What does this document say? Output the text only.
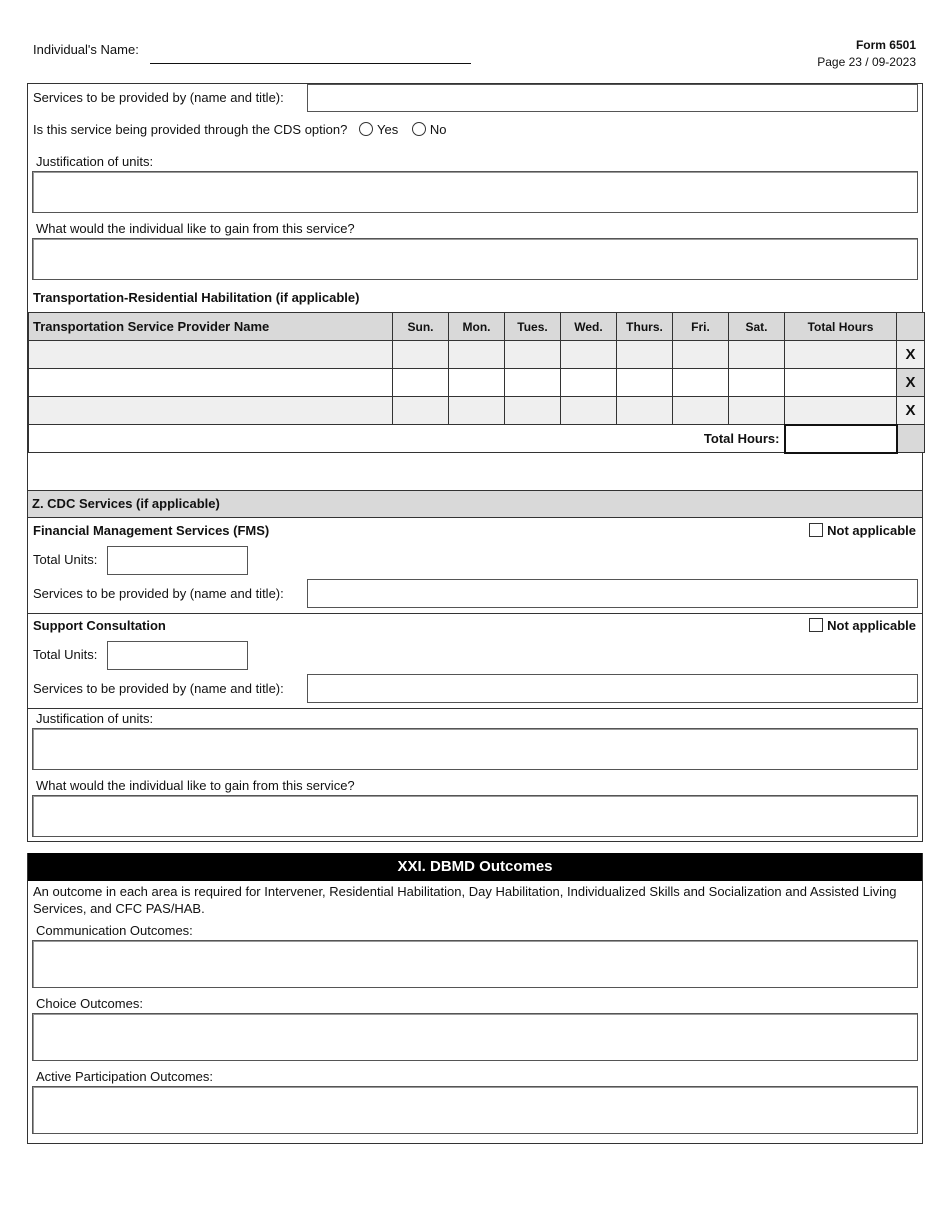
Individual's Name:	Form 6501
Page 23 / 09-2023
Services to be provided by (name and title):
Is this service being provided through the CDS option? Yes No
Justification of units:
What would the individual like to gain from this service?
Transportation-Residential Habilitation (if applicable)
Transportation Service Provider Name	Sun.	Mon.	Tues.	Wed.	Thurs.	Fri.	Sat.	Total Hours	
									X
									X
									X
Total Hours:									
Z. CDC Services (if applicable)
Financial Management Services (FMS)	Not applicable
Total Units:
Services to be provided by (name and title):
Support Consultation	Not applicable
Total Units:
Services to be provided by (name and title):
Justification of units:
What would the individual like to gain from this service?
XXI. DBMD Outcomes
An outcome in each area is required for Intervener, Residential Habilitation, Day Habilitation, Individualized Skills and Socialization and Assisted Living Services, and CFC PAS/HAB.
Communication Outcomes:
Choice Outcomes:
Active Participation Outcomes:
